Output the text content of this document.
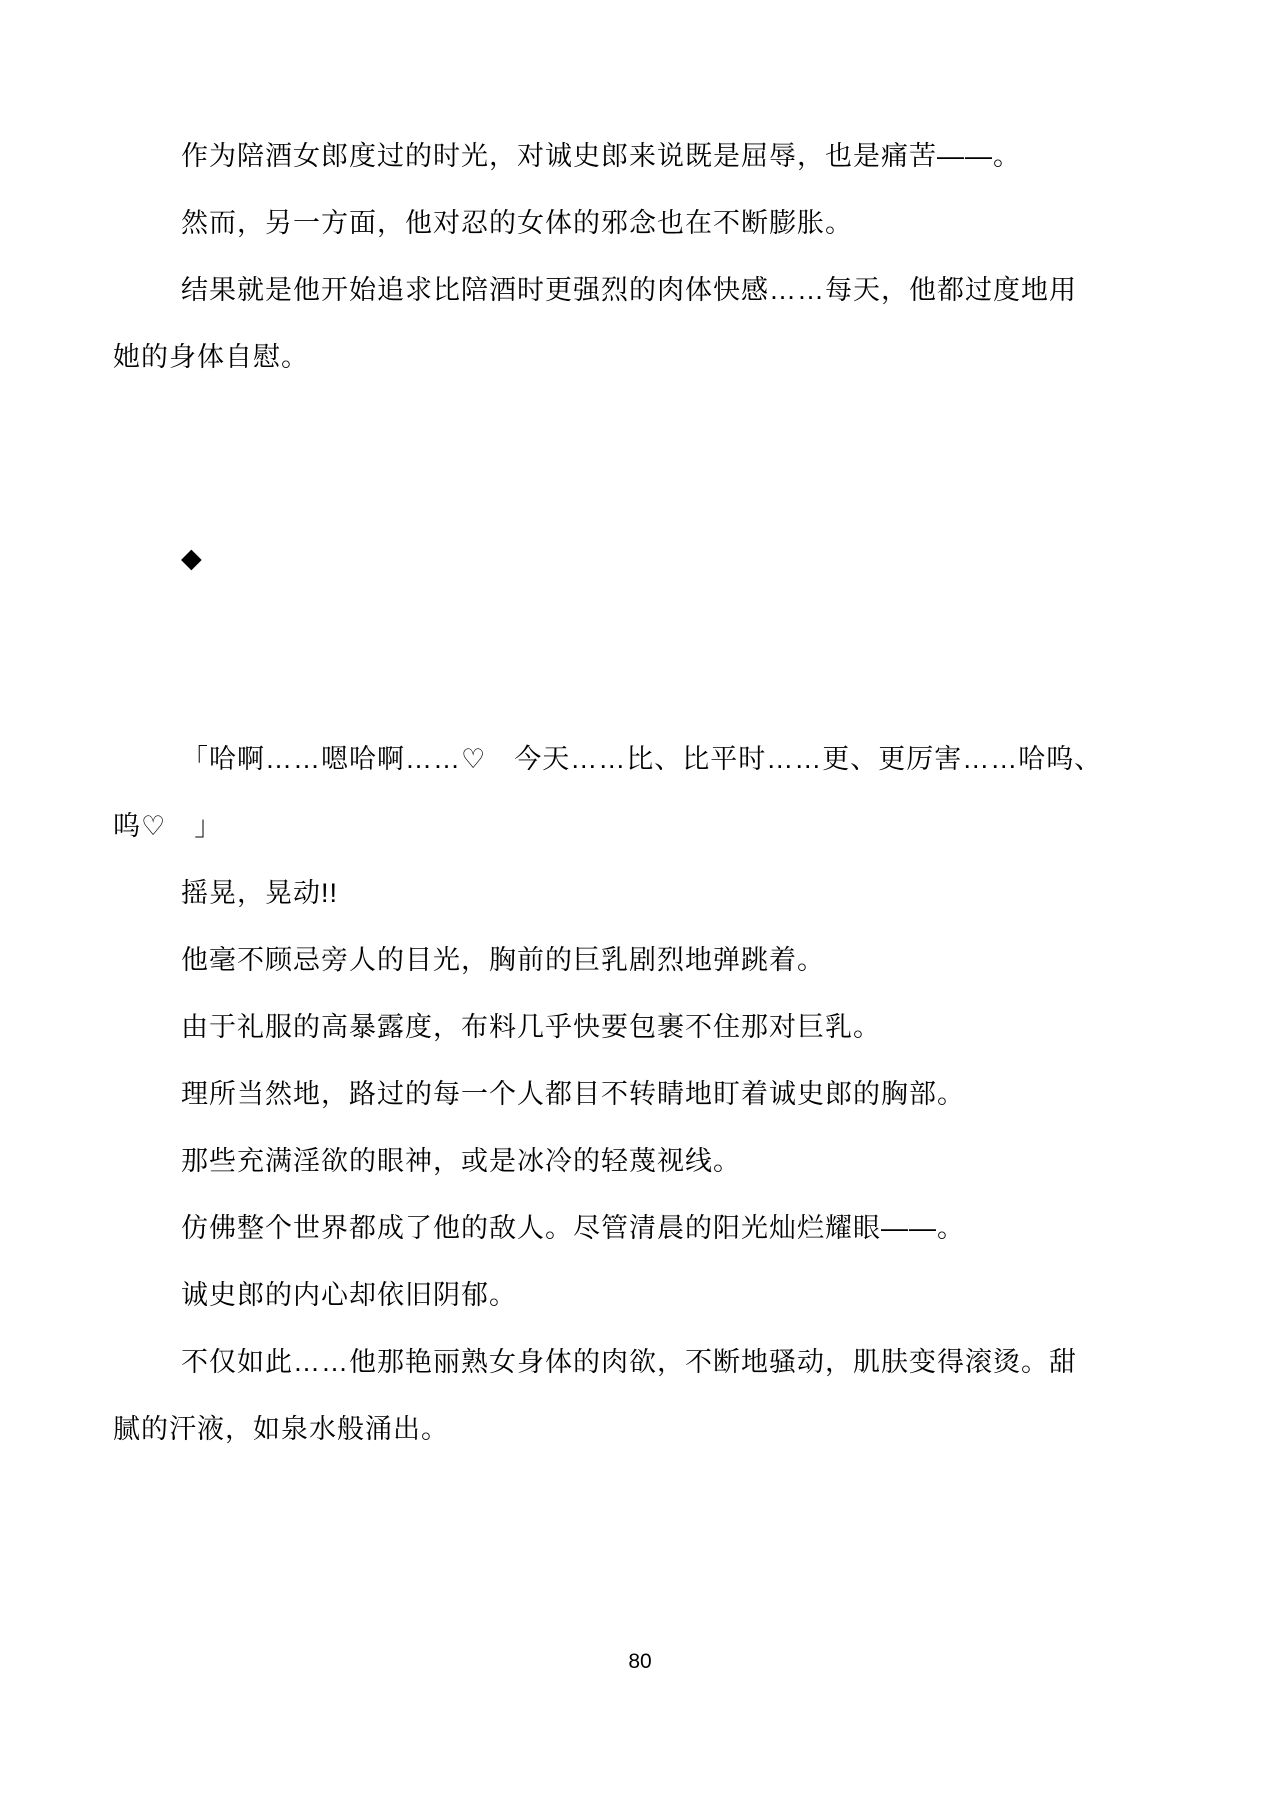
作为陪酒女郎度过的时光，对诚史郎来说既是屈辱，也是痛苦——。
然而，另一方面，他对忍的女体的邪念也在不断膨胀。
结果就是他开始追求比陪酒时更强烈的肉体快感……每天，他都过度地用
她的身体自慰。
◆
「哈啊……嗯哈啊……♡　今天……比、比平时……更、更厉害……哈呜、
呜♡　」
摇晃，晃动!!
他毫不顾忌旁人的目光，胸前的巨乳剧烈地弹跳着。
由于礼服的高暴露度，布料几乎快要包裹不住那对巨乳。
理所当然地，路过的每一个人都目不转睛地盯着诚史郎的胸部。
那些充满淫欲的眼神，或是冰冷的轻蔑视线。
仿佛整个世界都成了他的敌人。尽管清晨的阳光灿烂耀眼——。
诚史郎的内心却依旧阴郁。
不仅如此……他那艳丽熟女身体的肉欲，不断地骚动，肌肤变得滚烫。甜
腻的汗液，如泉水般涌出。
80
